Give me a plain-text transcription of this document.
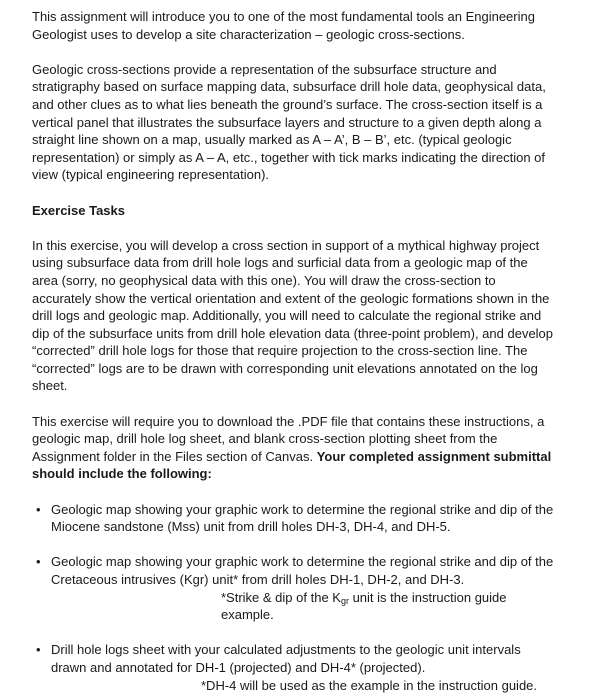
This assignment will introduce you to one of the most fundamental tools an Engineering Geologist uses to develop a site characterization – geologic cross-sections.

Geologic cross-sections provide a representation of the subsurface structure and stratigraphy based on surface mapping data, subsurface drill hole data, geophysical data, and other clues as to what lies beneath the ground’s surface. The cross-section itself is a vertical panel that illustrates the subsurface layers and structure to a given depth along a straight line shown on a map, usually marked as A – A’, B – B’, etc. (typical geologic representation) or simply as A – A, etc., together with tick marks indicating the direction of view (typical engineering representation).

Exercise Tasks

In this exercise, you will develop a cross section in support of a mythical highway project using subsurface data from drill hole logs and surficial data from a geologic map of the area (sorry, no geophysical data with this one). You will draw the cross-section to accurately show the vertical orientation and extent of the geologic formations shown in the drill logs and geologic map. Additionally, you will need to calculate the regional strike and dip of the subsurface units from drill hole elevation data (three-point problem), and develop “corrected” drill hole logs for those that require projection to the cross-section line. The “corrected” logs are to be drawn with corresponding unit elevations annotated on the log sheet.

This exercise will require you to download the .PDF file that contains these instructions, a geologic map, drill hole log sheet, and blank cross-section plotting sheet from the Assignment folder in the Files section of Canvas. Your completed assignment submittal should include the following:

• Geologic map showing your graphic work to determine the regional strike and dip of the Miocene sandstone (Mss) unit from drill holes DH-3, DH-4, and DH-5.
• Geologic map showing your graphic work to determine the regional strike and dip of the Cretaceous intrusives (Kgr) unit* from drill holes DH-1, DH-2, and DH-3.
*Strike & dip of the $K_{gr}$ unit is the instruction guide example.
• Drill hole logs sheet with your calculated adjustments to the geologic unit intervals drawn and annotated for DH-1 (projected) and DH-4* (projected).
*DH-4 will be used as the example in the instruction guide.
